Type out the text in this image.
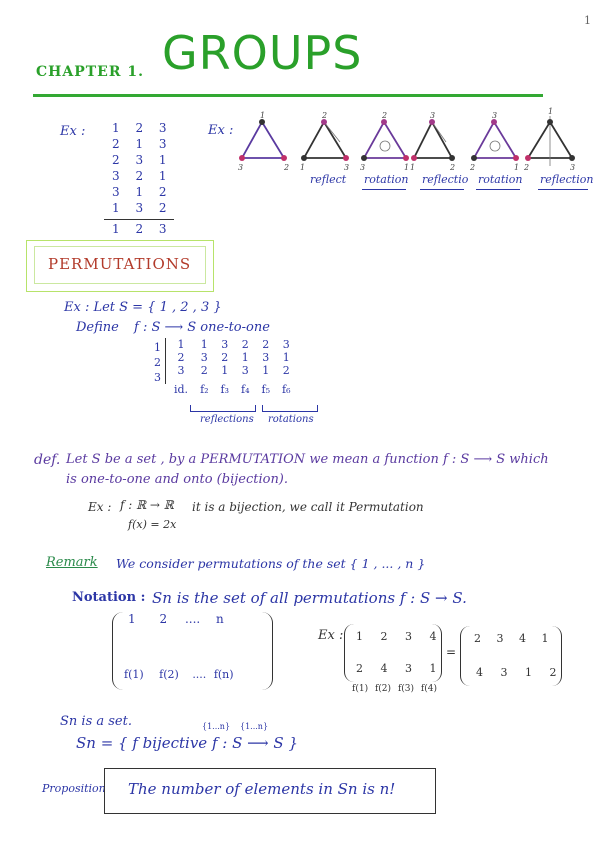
1
CHAPTER 1. GROUPS
Ex : 1 2 3
2 1 3
2 3 1
3 2 1
3 1 2
1 3 2
1 2 3
Ex :
1
3	2
2
1	3
2
3	1
3
1	2
3
2	1
1
2	3
reflect rotation reflectio rotation reflection
PERMUTATIONS
Ex : Let S = { 1 , 2 , 3 }
Define f : S ⟶ S one-to-one
1
2
3
1	1	3	2	2	3
2	3	2	1	3	1
3	2	1	3	1	2
id.	f₂	f₃	f₄	f₅	f₆
reflections rotations
def. Let S be a set , by a PERMUTATION we mean a function f : S ⟶ S which
is one-to-one and onto (bijection).
Ex : f : ℝ → ℝ it is a bijection, we call it Permutation
f(x) = 2x
Remark We consider permutations of the set { 1 , ... , n }
Notation : Sn is the set of all permutations f : S → S.
1 2 .... n
f(1) f(2) .... f(n)
Ex : 1 2 3 4
2 4 3 1
f(1) f(2) f(3) f(4)
=
2 3 4 1
4 3 1 2
Sn is a set.	{1...n} {1...n}
Sn = { f bijective f : S ⟶ S }
Proposition The number of elements in Sn is n!
